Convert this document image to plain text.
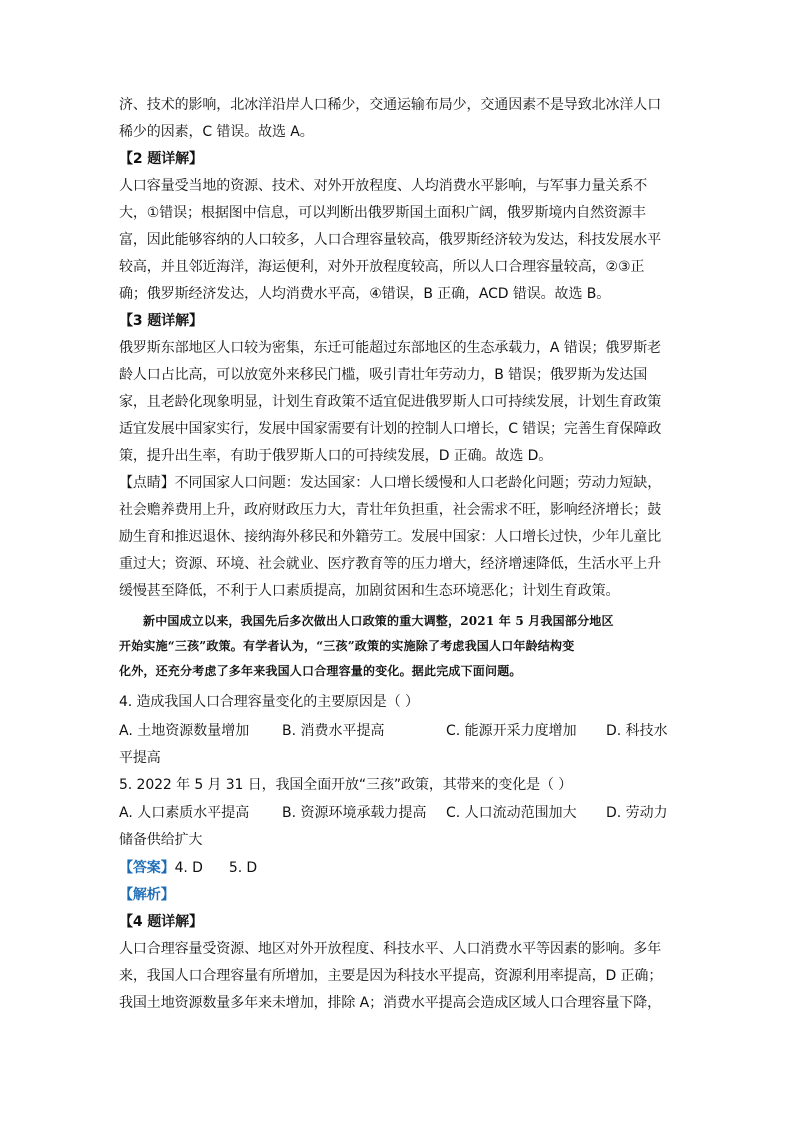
济、技术的影响，北冰洋沿岸人口稀少，交通运输布局少，交通因素不是导致北冰洋人口
稀少的因素，C 错误。故选 A。
【2 题详解】
人口容量受当地的资源、技术、对外开放程度、人均消费水平影响，与军事力量关系不
大，①错误；根据图中信息，可以判断出俄罗斯国土面积广阔，俄罗斯境内自然资源丰
富，因此能够容纳的人口较多，人口合理容量较高，俄罗斯经济较为发达，科技发展水平
较高，并且邻近海洋，海运便利，对外开放程度较高，所以人口合理容量较高，②③正
确；俄罗斯经济发达，人均消费水平高，④错误，B 正确，ACD 错误。故选 B。
【3 题详解】
俄罗斯东部地区人口较为密集，东迁可能超过东部地区的生态承载力，A 错误；俄罗斯老
龄人口占比高，可以放宽外来移民门槛，吸引青壮年劳动力，B 错误；俄罗斯为发达国
家，且老龄化现象明显，计划生育政策不适宜促进俄罗斯人口可持续发展，计划生育政策
适宜发展中国家实行，发展中国家需要有计划的控制人口增长，C 错误；完善生育保障政
策，提升出生率，有助于俄罗斯人口的可持续发展，D 正确。故选 D。
【点睛】不同国家人口问题：发达国家：人口增长缓慢和人口老龄化问题；劳动力短缺，
社会赡养费用上升，政府财政压力大，青壮年负担重，社会需求不旺，影响经济增长；鼓
励生育和推迟退休、接纳海外移民和外籍劳工。发展中国家：人口增长过快，少年儿童比
重过大；资源、环境、社会就业、医疗教育等的压力增大，经济增速降低，生活水平上升
缓慢甚至降低，不利于人口素质提高，加剧贫困和生态环境恶化；计划生育政策。
新中国成立以来，我国先后多次做出人口政策的重大调整，2021 年 5 月我国部分地区
开始实施“三孩”政策。有学者认为，“三孩”政策的实施除了考虑我国人口年龄结构变
化外，还充分考虑了多年来我国人口合理容量的变化。据此完成下面问题。
4. 造成我国人口合理容量变化的主要原因是（ ）
A. 土地资源数量增加 B. 消费水平提高	C. 能源开采力度增加 D. 科技水
平提高
5. 2022 年 5 月 31 日，我国全面开放“三孩”政策，其带来的变化是（ ）
A. 人口素质水平提高 B. 资源环境承载力提高 C. 人口流动范围加大 D. 劳动力
储备供给扩大
【答案】4. D      5. D
【解析】
【4 题详解】
人口合理容量受资源、地区对外开放程度、科技水平、人口消费水平等因素的影响。多年
来，我国人口合理容量有所增加，主要是因为科技水平提高，资源利用率提高，D 正确；
我国土地资源数量多年来未增加，排除 A；消费水平提高会造成区域人口合理容量下降，
